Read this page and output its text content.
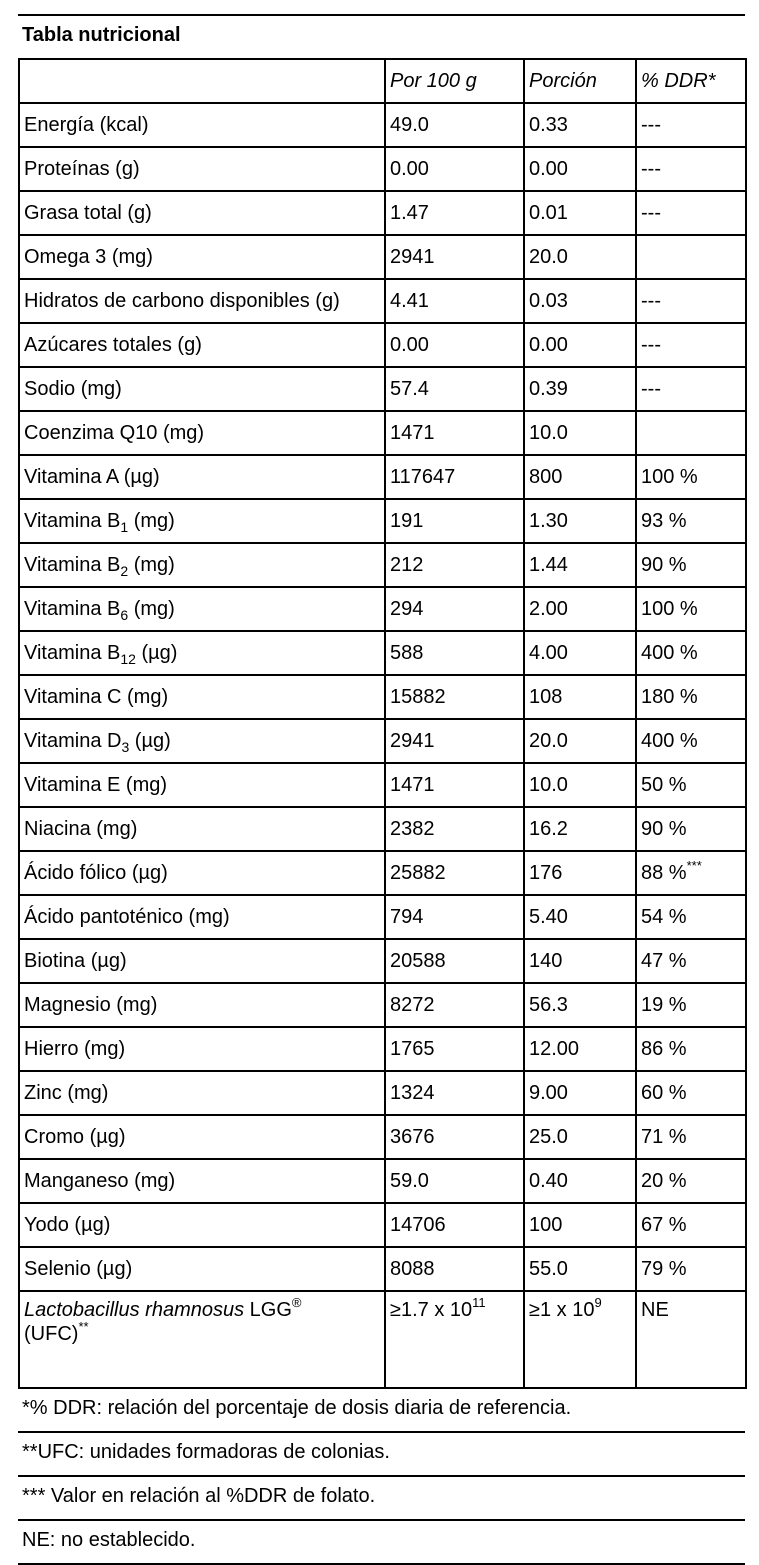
Tabla nutricional
	Por 100 g	Porción	% DDR*
Energía (kcal)	49.0	0.33	---
Proteínas (g)	0.00	0.00	---
Grasa total (g)	1.47	0.01	---
Omega 3 (mg)	2941	20.0	
Hidratos de carbono disponibles (g)	4.41	0.03	---
Azúcares totales (g)	0.00	0.00	---
Sodio (mg)	57.4	0.39	---
Coenzima Q10 (mg)	1471	10.0	
Vitamina A (µg)	117647	800	100 %
Vitamina $B_1$ (mg)	191	1.30	93 %
Vitamina $B_2$ (mg)	212	1.44	90 %
Vitamina $B_6$ (mg)	294	2.00	100 %
Vitamina $B_{12}$ (µg)	588	4.00	400 %
Vitamina C (mg)	15882	108	180 %
Vitamina $D_3$ (µg)	2941	20.0	400 %
Vitamina E (mg)	1471	10.0	50 %
Niacina (mg)	2382	16.2	90 %
Ácido fólico (µg)	25882	176	88 %***
Ácido pantoténico (mg)	794	5.40	54 %
Biotina (µg)	20588	140	47 %
Magnesio (mg)	8272	56.3	19 %
Hierro (mg)	1765	12.00	86 %
Zinc (mg)	1324	9.00	60 %
Cromo (µg)	3676	25.0	71 %
Manganeso (mg)	59.0	0.40	20 %
Yodo (µg)	14706	100	67 %
Selenio (µg)	8088	55.0	79 %
Lactobacillus rhamnosus LGG®
(UFC)**	≥1.7 x $10^{11}$	≥1 x $10^9$	NE
*% DDR: relación del porcentaje de dosis diaria de referencia.
**UFC: unidades formadoras de colonias.
*** Valor en relación al %DDR de folato.
NE: no establecido.
